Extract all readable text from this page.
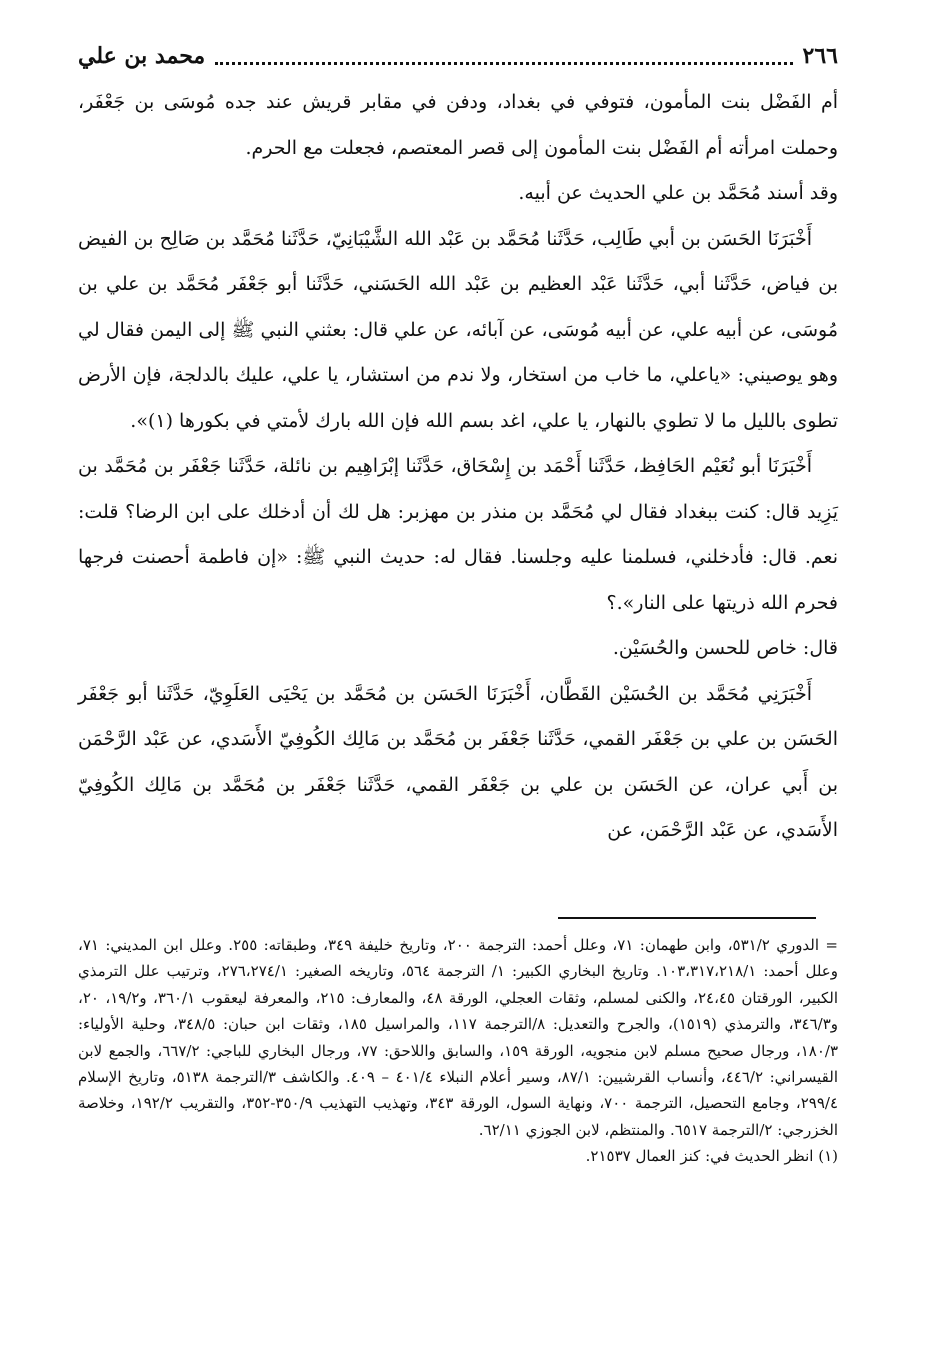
٢٦٦
محمد بن علي

أم الفَضْل بنت المأمون، فتوفي في بغداد، ودفن في مقابر قريش عند جده مُوسَى بن جَعْفَر، وحملت امرأته أم الفَضْل بنت المأمون إلى قصر المعتصم، فجعلت مع الحرم.

وقد أسند مُحَمَّد بن علي الحديث عن أبيه.

أَخْبَرَنَا الحَسَن بن أبي طَالِب، حَدَّثَنا مُحَمَّد بن عَبْد الله الشَّيْبَانِيّ، حَدَّثَنا مُحَمَّد بن صَالِح بن الفيض بن فياض، حَدَّثَنا أبي، حَدَّثَنا عَبْد العظيم بن عَبْد الله الحَسَني، حَدَّثَنا أبو جَعْفَر مُحَمَّد بن علي بن مُوسَى، عن أبيه علي، عن أبيه مُوسَى، عن آبائه، عن علي قال: بعثني النبي ﷺ إلى اليمن فقال لي وهو يوصيني: «ياعلي، ما خاب من استخار، ولا ندم من استشار، يا علي، عليك بالدلجة، فإن الأرض تطوى بالليل ما لا تطوي بالنهار، يا علي، اغد بسم الله فإن الله بارك لأمتي في بكورها (١)».

أَخْبَرَنَا أبو نُعَيْم الحَافِظ، حَدَّثَنا أَحْمَد بن إِسْحَاق، حَدَّثَنا إبْرَاهِيم بن نائلة، حَدَّثَنا جَعْفَر بن مُحَمَّد بن يَزِيد قال: كنت ببغداد فقال لي مُحَمَّد بن منذر بن مهزبر: هل لك أن أدخلك على ابن الرضا؟ قلت: نعم. قال: فأدخلني، فسلمنا عليه وجلسنا. فقال له: حديث النبي ﷺ: «إن فاطمة أحصنت فرجها فحرم الله ذريتها على النار».؟

قال: خاص للحسن والحُسَيْن.

أَخْبَرَنِي مُحَمَّد بن الحُسَيْن القَطَّان، أَخْبَرَنَا الحَسَن بن مُحَمَّد بن يَحْيَى العَلَوِيّ، حَدَّثَنا أبو جَعْفَر الحَسَن بن علي بن جَعْفَر القمي، حَدَّثَنا جَعْفَر بن مُحَمَّد بن مَالِك الكُوفِيّ الأَسَدي، عن عَبْد الرَّحْمَن بن أَبي عران، عن الحَسَن بن علي بن جَعْفَر القمي، حَدَّثَنا جَعْفَر بن مُحَمَّد بن مَالِك الكُوفِيّ الأَسَدي، عن عَبْد الرَّحْمَن، عن

= الدوري ٥٣١/٢، وابن طهمان: ٧١، وعلل أحمد: الترجمة ٢٠٠، وتاريخ خليفة ٣٤٩، وطبقاته: ٢٥٥. وعلل ابن المديني: ٧١، وعلل أحمد: ١٠٣،٣١٧،٢١٨/١. وتاريخ البخاري الكبير: ١/ الترجمة ٥٦٤، وتاريخه الصغير: ٢٧٦،٢٧٤/١، وترتيب علل الترمذي الكبير، الورقتان ٢٤،٤٥، والكنى لمسلم، وثقات العجلي، الورقة ٤٨، والمعارف: ٢١٥، والمعرفة ليعقوب ٣٦٠/١، و١٩/٢، ٢٠، و٣٤٦/٣، والترمذي (١٥١٩)، والجرح والتعديل: ٨/الترجمة ١١٧، والمراسيل ١٨٥، وثقات ابن حبان: ٣٤٨/٥، وحلية الأولياء: ١٨٠/٣، ورجال صحيح مسلم لابن منجويه، الورقة ١٥٩، والسابق واللاحق: ٧٧، ورجال البخاري للباجي: ٦٦٧/٢، والجمع لابن القيسراني: ٤٤٦/٢، وأنساب القرشيين: ٨٧/١، وسير أعلام النبلاء ٤٠١/٤ – ٤٠٩. والكاشف ٣/الترجمة ٥١٣٨، وتاريخ الإسلام ٢٩٩/٤، وجامع التحصيل، الترجمة ٧٠٠، ونهاية السول، الورقة ٣٤٣، وتهذيب التهذيب ٣٥٠/٩-٣٥٢، والتقريب ١٩٢/٢، وخلاصة الخزرجي: ٢/الترجمة ٦٥١٧. والمنتظم، لابن الجوزي ٦٢/١١.

(١) انظر الحديث في: كنز العمال ٢١٥٣٧.
